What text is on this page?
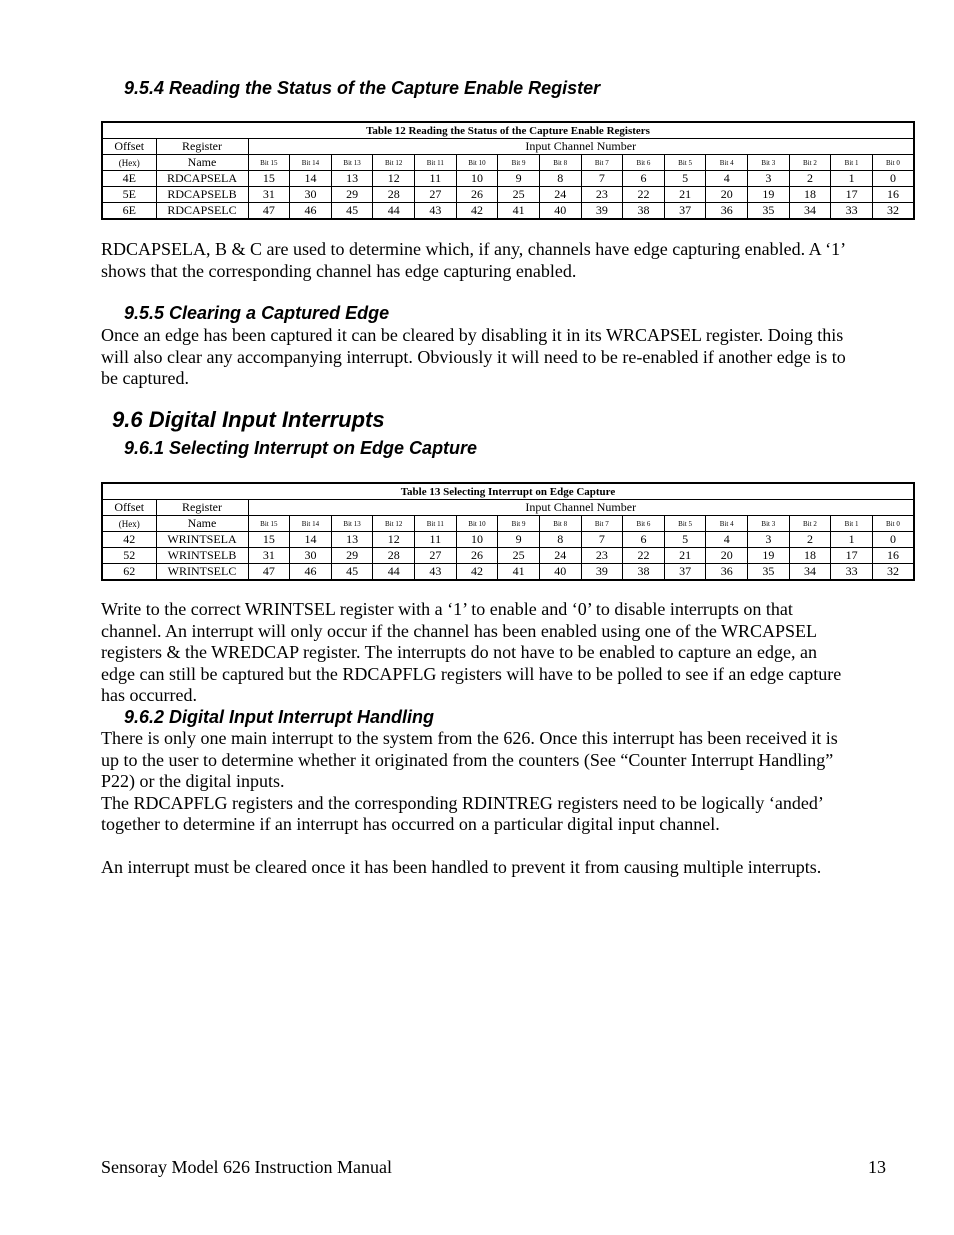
9.5.4 Reading the Status of the Capture Enable Register
Table 12 Reading the Status of the Capture Enable Registers																	
Offset	Register	Input Channel Number															
(Hex)	Name	Bit 15	Bit 14	Bit 13	Bit 12	Bit 11	Bit 10	Bit 9	Bit 8	Bit 7	Bit 6	Bit 5	Bit 4	Bit 3	Bit 2	Bit 1	Bit 0
4E	RDCAPSELA	15	14	13	12	11	10	9	8	7	6	5	4	3	2	1	0
5E	RDCAPSELB	31	30	29	28	27	26	25	24	23	22	21	20	19	18	17	16
6E	RDCAPSELC	47	46	45	44	43	42	41	40	39	38	37	36	35	34	33	32
RDCAPSELA, B & C are used to determine which, if any, channels have edge capturing enabled. A ‘1’
shows that the corresponding channel has edge capturing enabled.
9.5.5 Clearing a Captured Edge
Once an edge has been captured it can be cleared by disabling it in its WRCAPSEL register. Doing this
will also clear any accompanying interrupt. Obviously it will need to be re-enabled if another edge is to
be captured.
9.6 Digital Input Interrupts
9.6.1 Selecting Interrupt on Edge Capture
Table 13 Selecting Interrupt on Edge Capture																	
Offset	Register	Input Channel Number															
(Hex)	Name	Bit 15	Bit 14	Bit 13	Bit 12	Bit 11	Bit 10	Bit 9	Bit 8	Bit 7	Bit 6	Bit 5	Bit 4	Bit 3	Bit 2	Bit 1	Bit 0
42	WRINTSELA	15	14	13	12	11	10	9	8	7	6	5	4	3	2	1	0
52	WRINTSELB	31	30	29	28	27	26	25	24	23	22	21	20	19	18	17	16
62	WRINTSELC	47	46	45	44	43	42	41	40	39	38	37	36	35	34	33	32
Write to the correct WRINTSEL register with a ‘1’ to enable and ‘0’ to disable interrupts on that
channel. An interrupt will only occur if the channel has been enabled using one of the WRCAPSEL
registers & the WREDCAP register. The interrupts do not have to be enabled to capture an edge, an
edge can still be captured but the RDCAPFLG registers will have to be polled to see if an edge capture
has occurred.
9.6.2 Digital Input Interrupt Handling
There is only one main interrupt to the system from the 626. Once this interrupt has been received it is
up to the user to determine whether it originated from the counters (See “Counter Interrupt Handling”
P22) or the digital inputs.
The RDCAPFLG registers and the corresponding RDINTREG registers need to be logically ‘anded’
together to determine if an interrupt has occurred on a particular digital input channel.
An interrupt must be cleared once it has been handled to prevent it from causing multiple interrupts.
Sensoray Model 626 Instruction Manual	13
